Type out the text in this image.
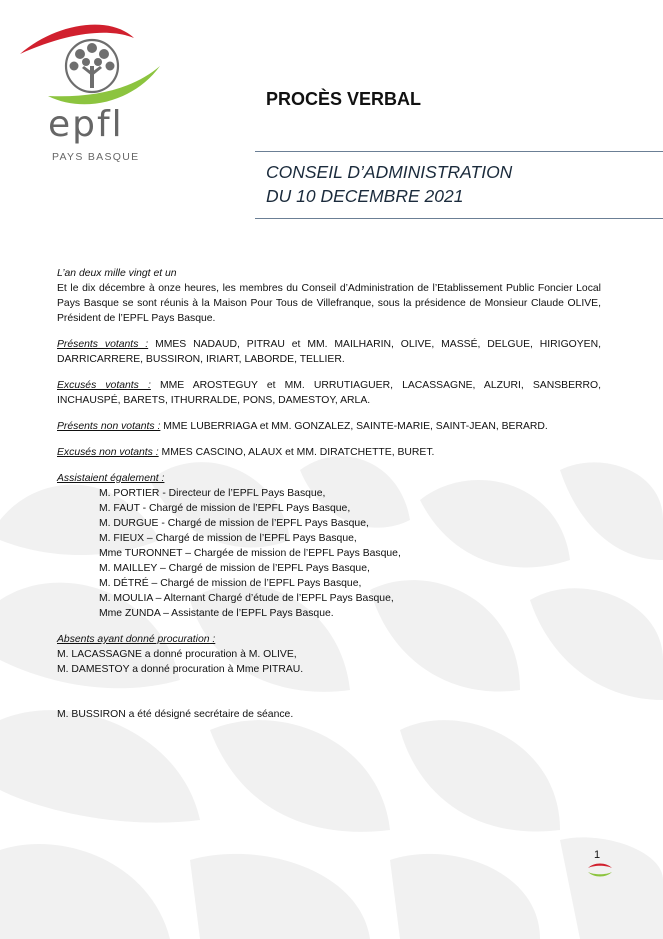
epfl
PAYS BASQUE
PROCÈS VERBAL
CONSEIL D’ADMINISTRATION
DU 10 DECEMBRE 2021
L’an deux mille vingt et un
Et le dix décembre à onze heures, les membres du Conseil d’Administration de l’Etablissement Public Foncier Local Pays Basque se sont réunis à la Maison Pour Tous de Villefranque, sous la présidence de Monsieur Claude OLIVE, Président de l’EPFL Pays Basque.
Présents votants : MMES NADAUD, PITRAU et MM. MAILHARIN, OLIVE, MASSÉ, DELGUE, HIRIGOYEN, DARRICARRERE, BUSSIRON, IRIART, LABORDE, TELLIER.
Excusés votants : MME AROSTEGUY et MM. URRUTIAGUER, LACASSAGNE, ALZURI, SANSBERRO, INCHAUSPÉ, BARETS, ITHURRALDE, PONS, DAMESTOY, ARLA.
Présents non votants : MME LUBERRIAGA et MM. GONZALEZ, SAINTE-MARIE, SAINT-JEAN, BERARD.
Excusés non votants : MMES CASCINO, ALAUX et MM. DIRATCHETTE, BURET.
Assistaient également :
M. PORTIER - Directeur de l’EPFL Pays Basque,
M. FAUT - Chargé de mission de l’EPFL Pays Basque,
M. DURGUE - Chargé de mission de l’EPFL Pays Basque,
M. FIEUX – Chargé de mission de l’EPFL Pays Basque,
Mme TURONNET – Chargée de mission de l’EPFL Pays Basque,
M. MAILLEY – Chargé de mission de l’EPFL Pays Basque,
M. DÉTRÉ – Chargé de mission de l’EPFL Pays Basque,
M. MOULIA – Alternant Chargé d’étude de l’EPFL Pays Basque,
Mme ZUNDA – Assistante de l’EPFL Pays Basque.
Absents ayant donné procuration :
M. LACASSAGNE a donné procuration à M. OLIVE,
M. DAMESTOY a donné procuration à Mme PITRAU.
M. BUSSIRON a été désigné secrétaire de séance.
1
